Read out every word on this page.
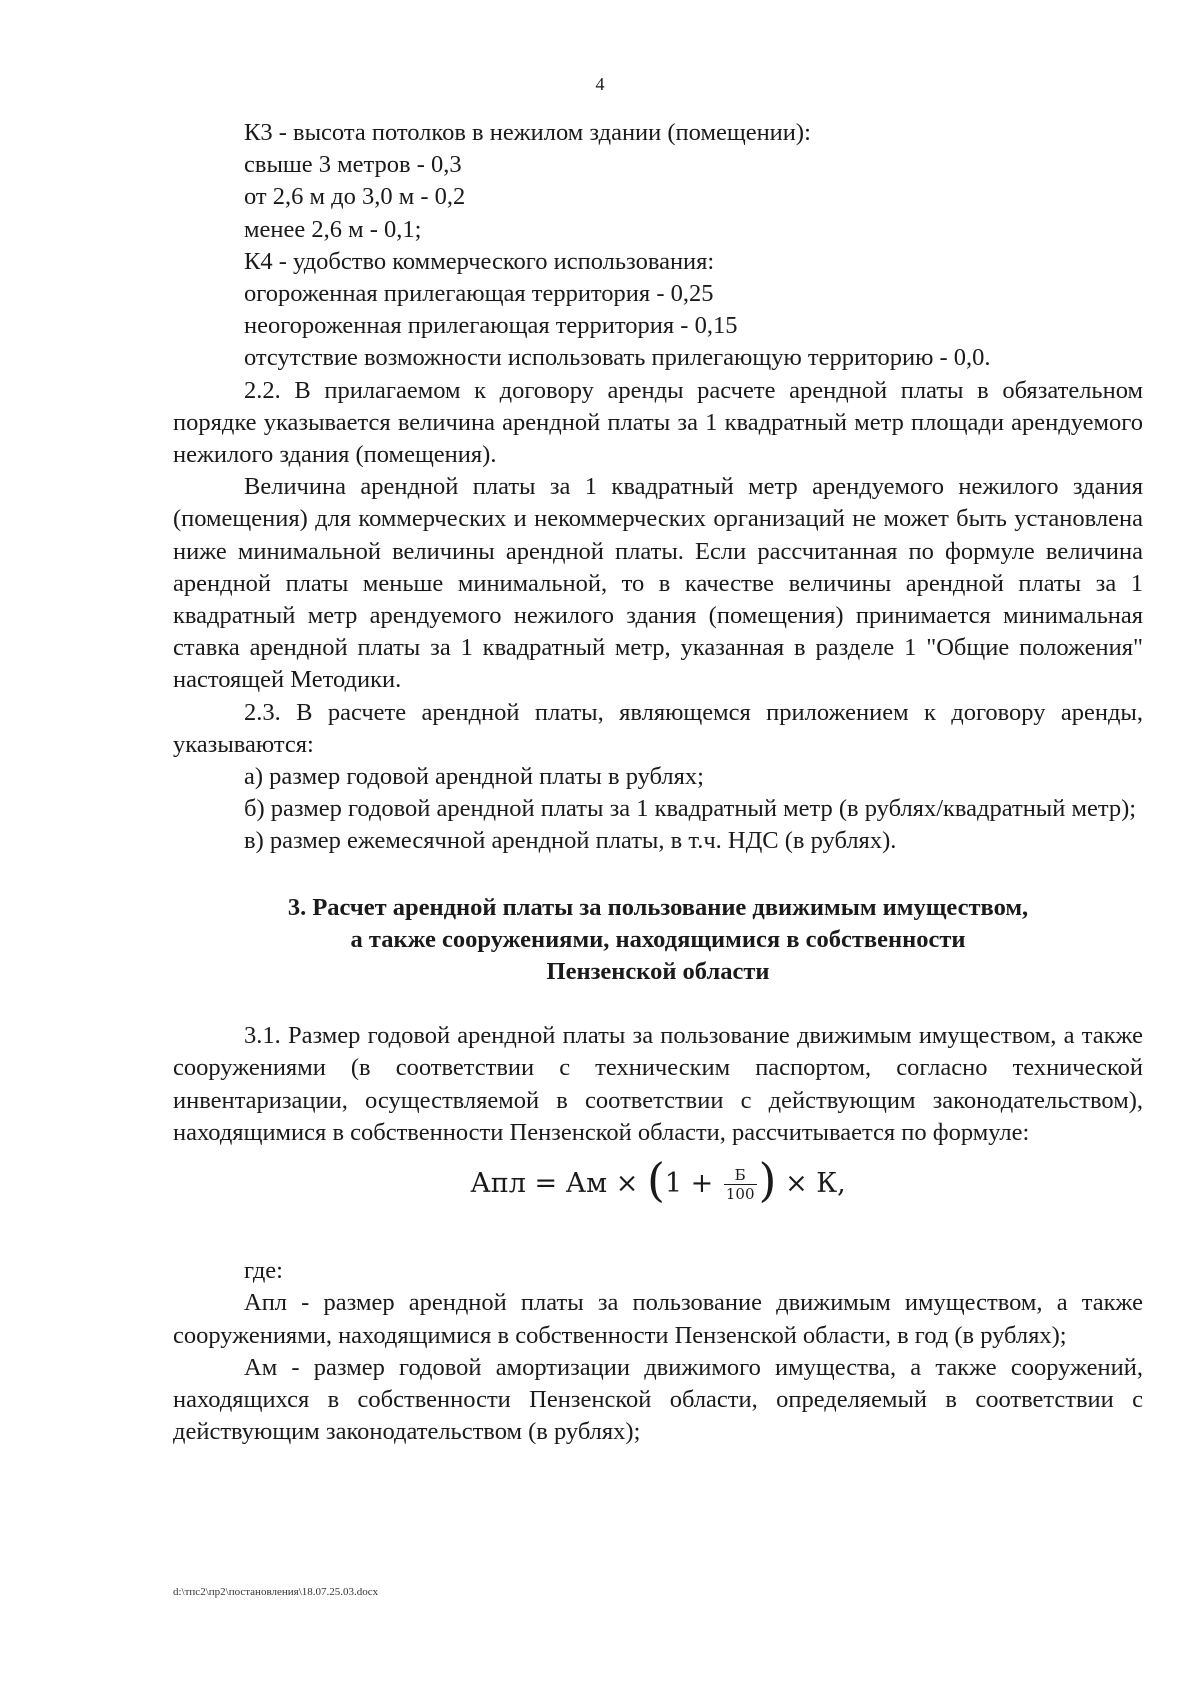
4

К3 - высота потолков в нежилом здании (помещении):

свыше 3 метров - 0,3

от 2,6 м до 3,0 м - 0,2

менее 2,6 м - 0,1;

К4 - удобство коммерческого использования:

огороженная прилегающая территория - 0,25

неогороженная прилегающая территория - 0,15

отсутствие возможности использовать прилегающую территорию - 0,0.

2.2. В прилагаемом к договору аренды расчете арендной платы в обязательном порядке указывается величина арендной платы за 1 квадратный метр площади арендуемого нежилого здания (помещения).

Величина арендной платы за 1 квадратный метр арендуемого нежилого здания (помещения) для коммерческих и некоммерческих организаций не может быть установлена ниже минимальной величины арендной платы. Если рассчитанная по формуле величина арендной платы меньше минимальной, то в качестве величины арендной платы за 1 квадратный метр арендуемого нежилого здания (помещения) принимается минимальная ставка арендной платы за 1 квадратный метр, указанная в разделе 1 "Общие положения" настоящей Методики.

2.3. В расчете арендной платы, являющемся приложением к договору аренды, указываются:

а) размер годовой арендной платы в рублях;

б) размер годовой арендной платы за 1 квадратный метр (в рублях/квадратный метр);

в) размер ежемесячной арендной платы, в т.ч. НДС (в рублях).

3. Расчет арендной платы за пользование движимым имуществом,
а также сооружениями, находящимися в собственности
Пензенской области

3.1. Размер годовой арендной платы за пользование движимым имуществом, а также сооружениями (в соответствии с техническим паспортом, согласно технической инвентаризации, осуществляемой в соответствии с действующим законодательством), находящимися в собственности Пензенской области, рассчитывается по формуле:

Апл = Ам × ($1 + \frac{Б}{100}$ ) × К,

где:

Апл - размер арендной платы за пользование движимым имуществом, а также сооружениями, находящимися в собственности Пензенской области, в год (в рублях);

Ам - размер годовой амортизации движимого имущества, а также сооружений, находящихся в собственности Пензенской области, определяемый в соответствии с действующим законодательством (в рублях);

d:\тпс2\пр2\постановления\18.07.25.03.docx
